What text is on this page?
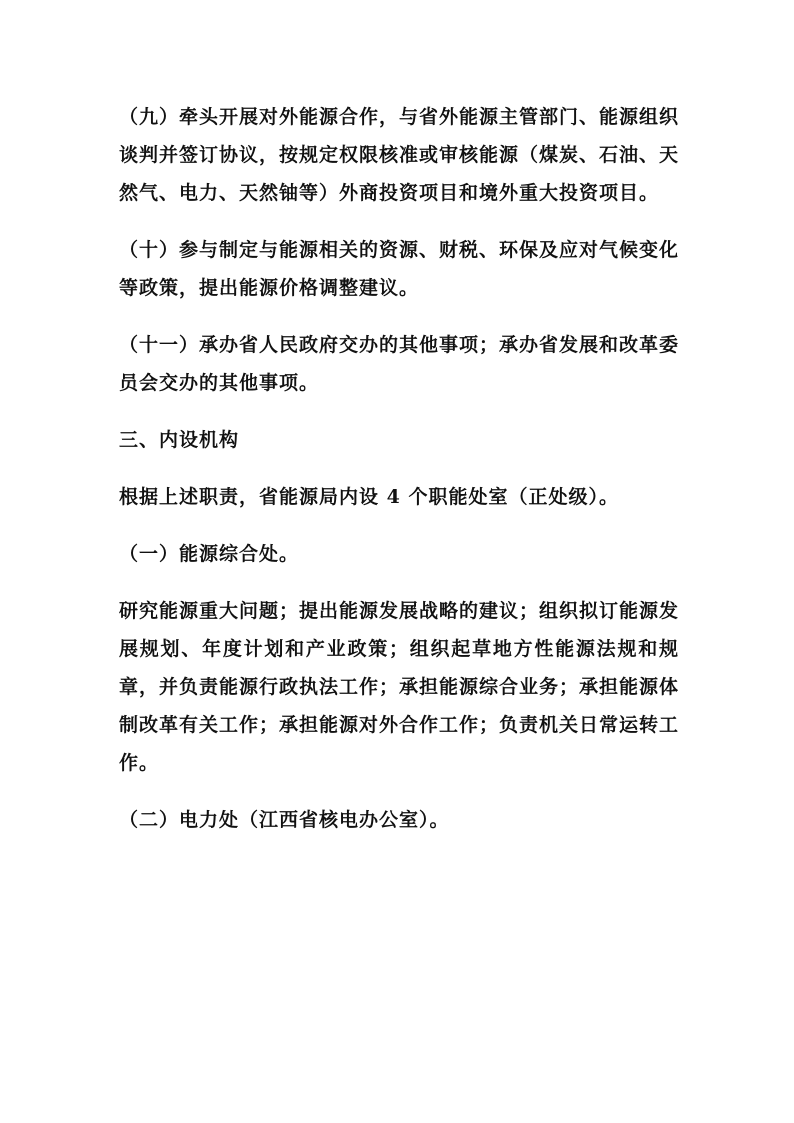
（九）牵头开展对外能源合作，与省外能源主管部门、能源组织谈判并签订协议，按规定权限核准或审核能源（煤炭、石油、天然气、电力、天然铀等）外商投资项目和境外重大投资项目。

（十）参与制定与能源相关的资源、财税、环保及应对气候变化等政策，提出能源价格调整建议。

（十一）承办省人民政府交办的其他事项；承办省发展和改革委员会交办的其他事项。

三、内设机构

根据上述职责，省能源局内设 4 个职能处室（正处级）。

（一）能源综合处。

研究能源重大问题；提出能源发展战略的建议；组织拟订能源发展规划、年度计划和产业政策；组织起草地方性能源法规和规章，并负责能源行政执法工作；承担能源综合业务；承担能源体制改革有关工作；承担能源对外合作工作；负责机关日常运转工作。

（二）电力处（江西省核电办公室）。
